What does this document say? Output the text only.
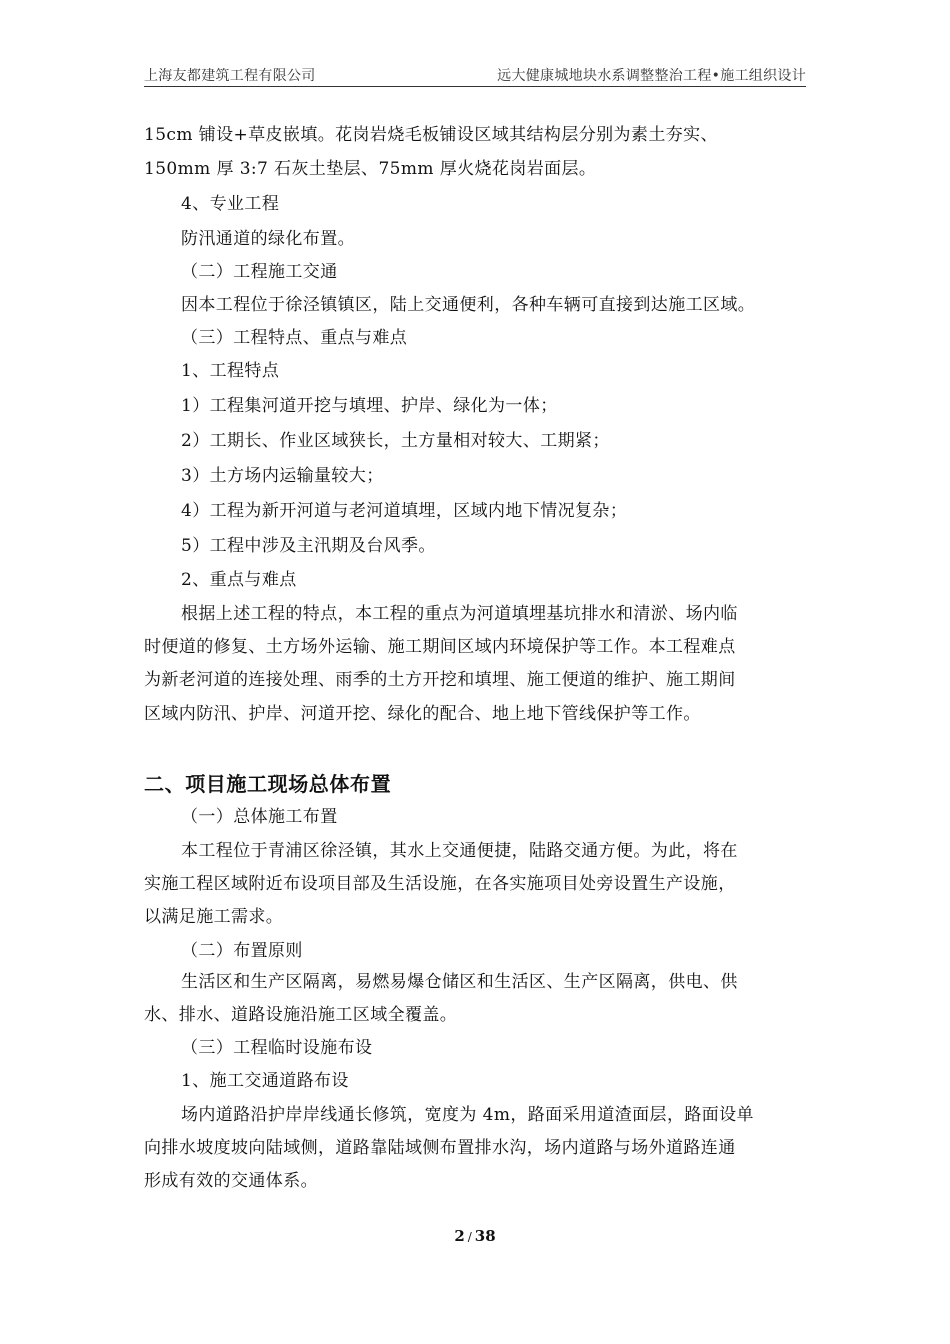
上海友都建筑工程有限公司	远大健康城地块水系调整整治工程•施工组织设计
15cm 铺设+草皮嵌填。花岗岩烧毛板铺设区域其结构层分别为素土夯实、
150mm 厚 3:7 石灰土垫层、75mm 厚火烧花岗岩面层。
4、专业工程
防汛通道的绿化布置。
（二）工程施工交通
因本工程位于徐泾镇镇区，陆上交通便利，各种车辆可直接到达施工区域。
（三）工程特点、重点与难点
1、工程特点
1）工程集河道开挖与填埋、护岸、绿化为一体；
2）工期长、作业区域狭长，土方量相对较大、工期紧；
3）土方场内运输量较大；
4）工程为新开河道与老河道填埋，区域内地下情况复杂；
5）工程中涉及主汛期及台风季。
2、重点与难点
根据上述工程的特点，本工程的重点为河道填埋基坑排水和清淤、场内临
时便道的修复、土方场外运输、施工期间区域内环境保护等工作。本工程难点
为新老河道的连接处理、雨季的土方开挖和填埋、施工便道的维护、施工期间
区域内防汛、护岸、河道开挖、绿化的配合、地上地下管线保护等工作。
二、项目施工现场总体布置
（一）总体施工布置
本工程位于青浦区徐泾镇，其水上交通便捷，陆路交通方便。为此，将在
实施工程区域附近布设项目部及生活设施，在各实施项目处旁设置生产设施，
以满足施工需求。
（二）布置原则
生活区和生产区隔离，易燃易爆仓储区和生活区、生产区隔离，供电、供
水、排水、道路设施沿施工区域全覆盖。
（三）工程临时设施布设
1、施工交通道路布设
场内道路沿护岸岸线通长修筑，宽度为 4m，路面采用道渣面层，路面设单
向排水坡度坡向陆域侧，道路靠陆域侧布置排水沟，场内道路与场外道路连通
形成有效的交通体系。
2 / 38
